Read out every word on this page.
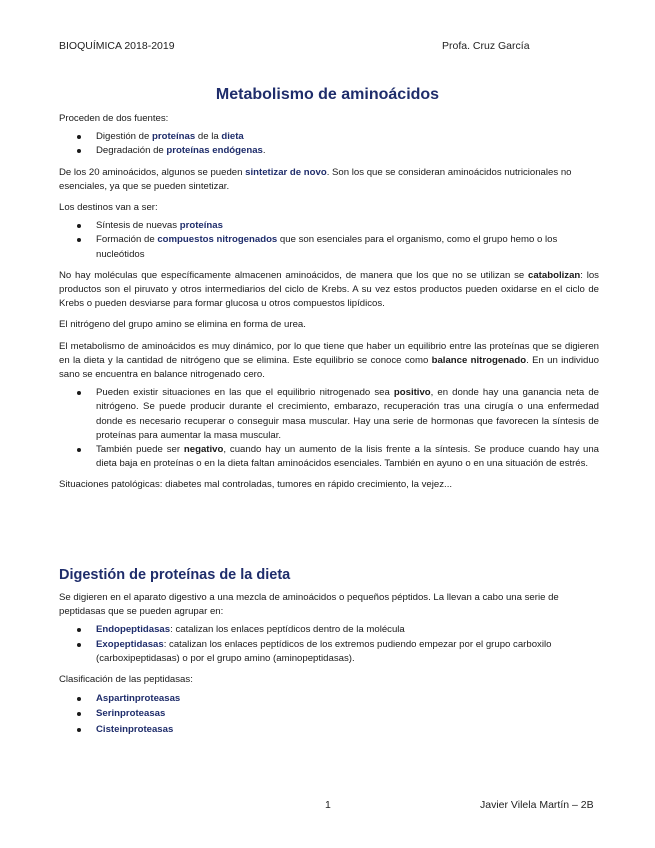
BIOQUÍMICA 2018-2019	Profa. Cruz García
Metabolismo de aminoácidos

Proceden de dos fuentes:

Digestión de proteínas de la dieta
Degradación de proteínas endógenas.

De los 20 aminoácidos, algunos se pueden sintetizar de novo. Son los que se consideran aminoácidos nutricionales no esenciales, ya que se pueden sintetizar.

Los destinos van a ser:

Síntesis de nuevas proteínas
Formación de compuestos nitrogenados que son esenciales para el organismo, como el grupo hemo o los nucleótidos

No hay moléculas que específicamente almacenen aminoácidos, de manera que los que no se utilizan se catabolizan: los productos son el piruvato y otros intermediarios del ciclo de Krebs. A su vez estos productos pueden oxidarse en el ciclo de Krebs o pueden desviarse para formar glucosa u otros compuestos lipídicos.

El nitrógeno del grupo amino se elimina en forma de urea.

El metabolismo de aminoácidos es muy dinámico, por lo que tiene que haber un equilibrio entre las proteínas que se digieren en la dieta y la cantidad de nitrógeno que se elimina. Este equilibrio se conoce como balance nitrogenado. En un individuo sano se encuentra en balance nitrogenado cero.

Pueden existir situaciones en las que el equilibrio nitrogenado sea positivo, en donde hay una ganancia neta de nitrógeno. Se puede producir durante el crecimiento, embarazo, recuperación tras una cirugía o una enfermedad donde es necesario recuperar o conseguir masa muscular. Hay una serie de hormonas que favorecen la síntesis de proteínas para aumentar la masa muscular.
También puede ser negativo, cuando hay un aumento de la lisis frente a la síntesis. Se produce cuando hay una dieta baja en proteínas o en la dieta faltan aminoácidos esenciales. También en ayuno o en una situación de estrés.

Situaciones patológicas: diabetes mal controladas, tumores en rápido crecimiento, la vejez...

Digestión de proteínas de la dieta

Se digieren en el aparato digestivo a una mezcla de aminoácidos o pequeños péptidos. La llevan a cabo una serie de peptidasas que se pueden agrupar en:

Endopeptidasas: catalizan los enlaces peptídicos dentro de la molécula
Exopeptidasas: catalizan los enlaces peptídicos de los extremos pudiendo empezar por el grupo carboxilo (carboxipeptidasas) o por el grupo amino (aminopeptidasas).

Clasificación de las peptidasas:

Aspartinproteasas
Serinproteasas
Cisteinproteasas
1	Javier Vilela Martín – 2B
